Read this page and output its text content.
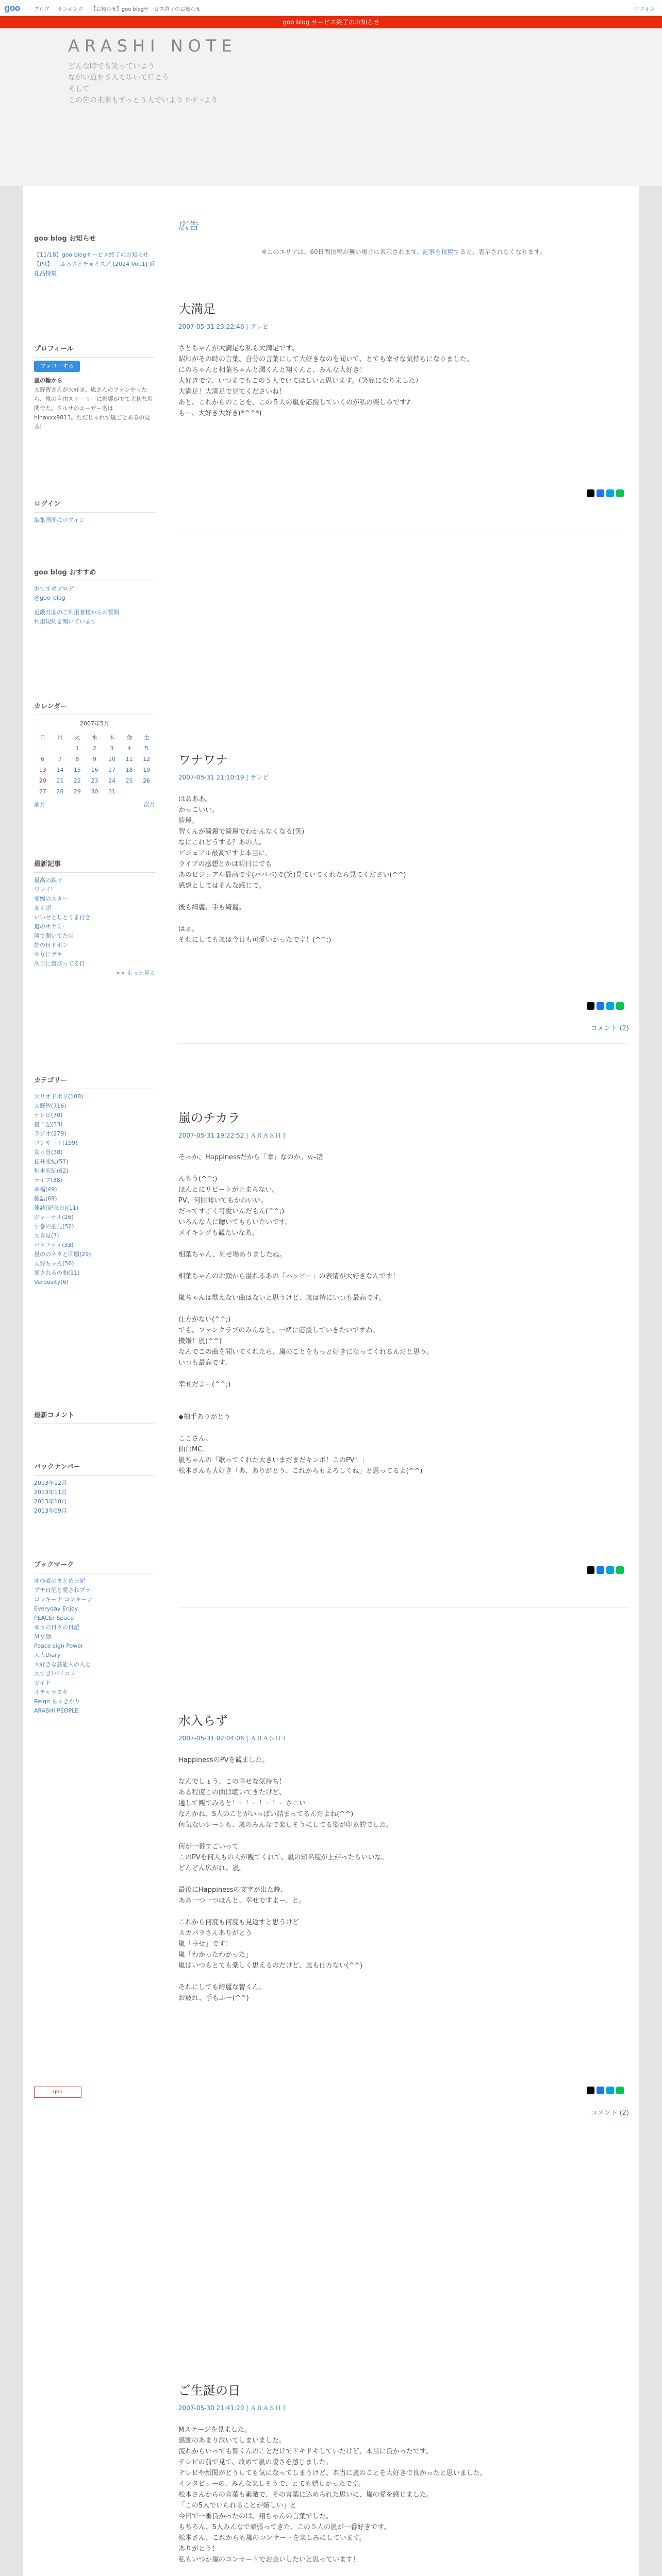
goo	ブログ ランキング 【お知らせ】goo blogサービス終了のお知らせ	ログイン
goo blog サービス終了のお知らせ
ARASHI NOTE
どんな時でも笑っていよう
ながい道を５人で歩いて行こう
そして
この先の未来もずっと５人でいよう ﾘｰﾀﾞｰより
goo blog お知らせ
【11/18】goo blogサービス終了のお知らせ
【PR】 ＼ふるさとチョイス／ [2024 Vol.1] 返礼品特集
プロフィール
フォローする
嵐の輪から
大野智さんが大好き。嵐さんのファンやったら、嵐の自由ストーリーに影響がでて大切な時間でた。ウルサのユーザー名はhinaxxx9813。ただじゃれず嵐ごとあるの見る!
ログイン
編集画面にログイン
goo blog おすすめ
おすすめブログ
@goo_blog
近畿方面のご利用者様からの質問
利用規約を聞いています
カレンダー
2007年5月
日	月	火	水	木	金	土
		1	2	3	4	5
6	7	8	9	10	11	12
13	14	15	16	17	18	19
20	21	22	23	24	25	26
27	28	29	30	31		
前月	次月
最新記事
最高の鉄ゼ
ワンイ!
愛嬌のスター
高も超
いいせとしとくま行き
道のオヤミ-
隣で聞いてたの
始の日ドボン
やりにゲキ
次日に遊びってる日
>> もっと見る
カテゴリー
大リオドボリ(108)
大野智(716)
テレビ(70)
嵐日記(33)
ラジオ(279)
コンサート(159)
女っ冒(38)
松井雅紀(51)
相本宏紀(62)
ライブ(38)
幸福(49)
雑語(69)
雑誌(記念日)(11)
ジャーナル(26)
小巻の泊見(52)
大喜見(7)
バラエティ(33)
嵐ののネタと回顧(29)
天野ちゃん(56)
愛されるの曲(11)
Verbosity(6)
最新コメント
バックナンバー
2013年12月
2013年11月
2013年10月
2013年09月
ブックマーク
ゆゆ素のまとめ日記
プチ日記と愛されプラ
コンキーナ コンキーナ
Everyday Enjoy
PEACEr Space
ゆうの日々の日記
Ｍｙ話
Peace sign Power
大人Diary
大好きな芸能人の人と
大すき!パイコノ
ガイド
イチャラヌキ
Reign ちゃきかり
ARASHI PEOPLE
goo
広告
※このエリアは、60日間投稿が無い場合に表示されます。記事を投稿すると、表示されなくなります。
大満足
2007-05-31 23:22:46 | テレビ
さとちゃんが大満足な私も大満足です。
昭和がその時の言葉、自分の言葉にして大好きなのを聞いて、とても幸せな気持ちになりました。
にのちゃんと相葉ちゃんと潤くんと翔くんと、みんな大好き！
大好きです、いつまでもこの５人でいてほしいと思います。（笑顔になりました）
大満足！大満足で見てくださいね！
あと、これからのことを、この５人の嵐を応援していくのが私の楽しみです♪
もー、大好き大好き(*^^*)
ワナワナ
2007-05-31 21:10:19 | テレビ
はあああ。
かっこいい。
綺麗。
智くんが綺麗で綺麗でわかんなくなる(笑)
なにこれどうする？あの人。
ビジュアル最高ですよ本当に。
ライブの感想とかは明日にでも
あのビジュアル最高です(バババ)で(笑)見ていてくれたら見てください(^^)
感想としてはそんな感じで。

後も綺麗、手も綺麗。

はぁ。
それにしても嵐は今日も可愛いかったです！(^^;)
コメント (2)
嵐のチカラ
2007-05-31 19:22:52 | ＡＲＡＳＨＩ
そっか、Happinessだから「幸」なのか。ｗ-凄

んもう(^^;)
ほんとにリピートが止まらない。
PV、何回聞いてもかわいい。
だってすごく可愛いんだもん(^^;)
いろんな人に聴いてもらいたいです。
メイキングも観たいなあ。

相葉ちゃん、見せ場ありましたね。

相葉ちゃんのお顔から溢れるあの「ハッピー」の表情が大好きなんです！

嵐ちゃんは歌えない曲はないと思うけど、嵐は特にいつも最高です。

仕方がない(^^;)
でも、ファンクラブのみんなと、一緒に応援していきたいですね。
機嫌！嵐(^^)
なんでこの曲を聞いてくれたら、嵐のことをもっと好きになってくれるんだと思う。
いつも最高です。

幸せだよー(^^;)

◆拍手ありがとう

ここさん、
仙台MC。
嵐ちゃんの「歌ってくれた大きいまだまだキンボ！このPV！」
松本さんも大好き「あ、ありがとう、これからもよろしくね」と思ってるよ(^^)
水入らず
2007-05-31 02:04:06 | ＡＲＡＳＨＩ
HappinessのPVを観ました。

なんでしょう、この幸せな気持ち！
ある程度この曲は聴いてきたけど、
通して観てみると！ー！ー！ー！ーさこい
なんかね、5人のことがいっぱい詰まってるんだよね(^^)
何気ないシーンも、嵐のみんなで楽しそうにしてる姿が印象的でした。

何が一番すごいって
このPVを何人もの人が観てくれて、嵐の知名度が上がったらいいな。
どんどん広がれ、嵐。

最後にHappinessの文字が出た時、
ああ一つ一つほんと、幸せですよー、と。

これから何度も何度も見返すと思うけど
スカパラさんありがとう
嵐「幸せ」です！
嵐「わかったわかった」
嵐はいつもとても楽しく思えるのだけど、嵐も仕方ない(^^)

それにしても綺麗な智くん。
お疲れ、手もふー(^^)
コメント (2)
ご生誕の日
2007-05-30 21:41:20 | ＡＲＡＳＨＩ
Mステージを見ました。
感動のあまり泣いてしまいました。
流れからいっても智くんのことだけでドキドキしていたけど、本当に良かったです。
テレビの前で見て、改めて嵐の凄さを感じました。
テレビや新聞がどうしても気になってしまうけど、本当に嵐のことを大好きで良かったと思いました。
インタビューの、みんな楽しそうで、とても嬉しかったです。
松本さんからの言葉も素敵で、その言葉に込められた思いに、嵐の愛を感じました。
「この5人でいられることが嬉しい」と
今日で一番良かったのは、翔ちゃんの言葉でした。
もちろん、5人みんなで頑張ってきた、この５人の嵐が一番好きです。
松本さん、これからも嵐のコンサートを楽しみにしています。
ありがとう！
私もいつか嵐のコンサートでお会いしたいと思っています！
